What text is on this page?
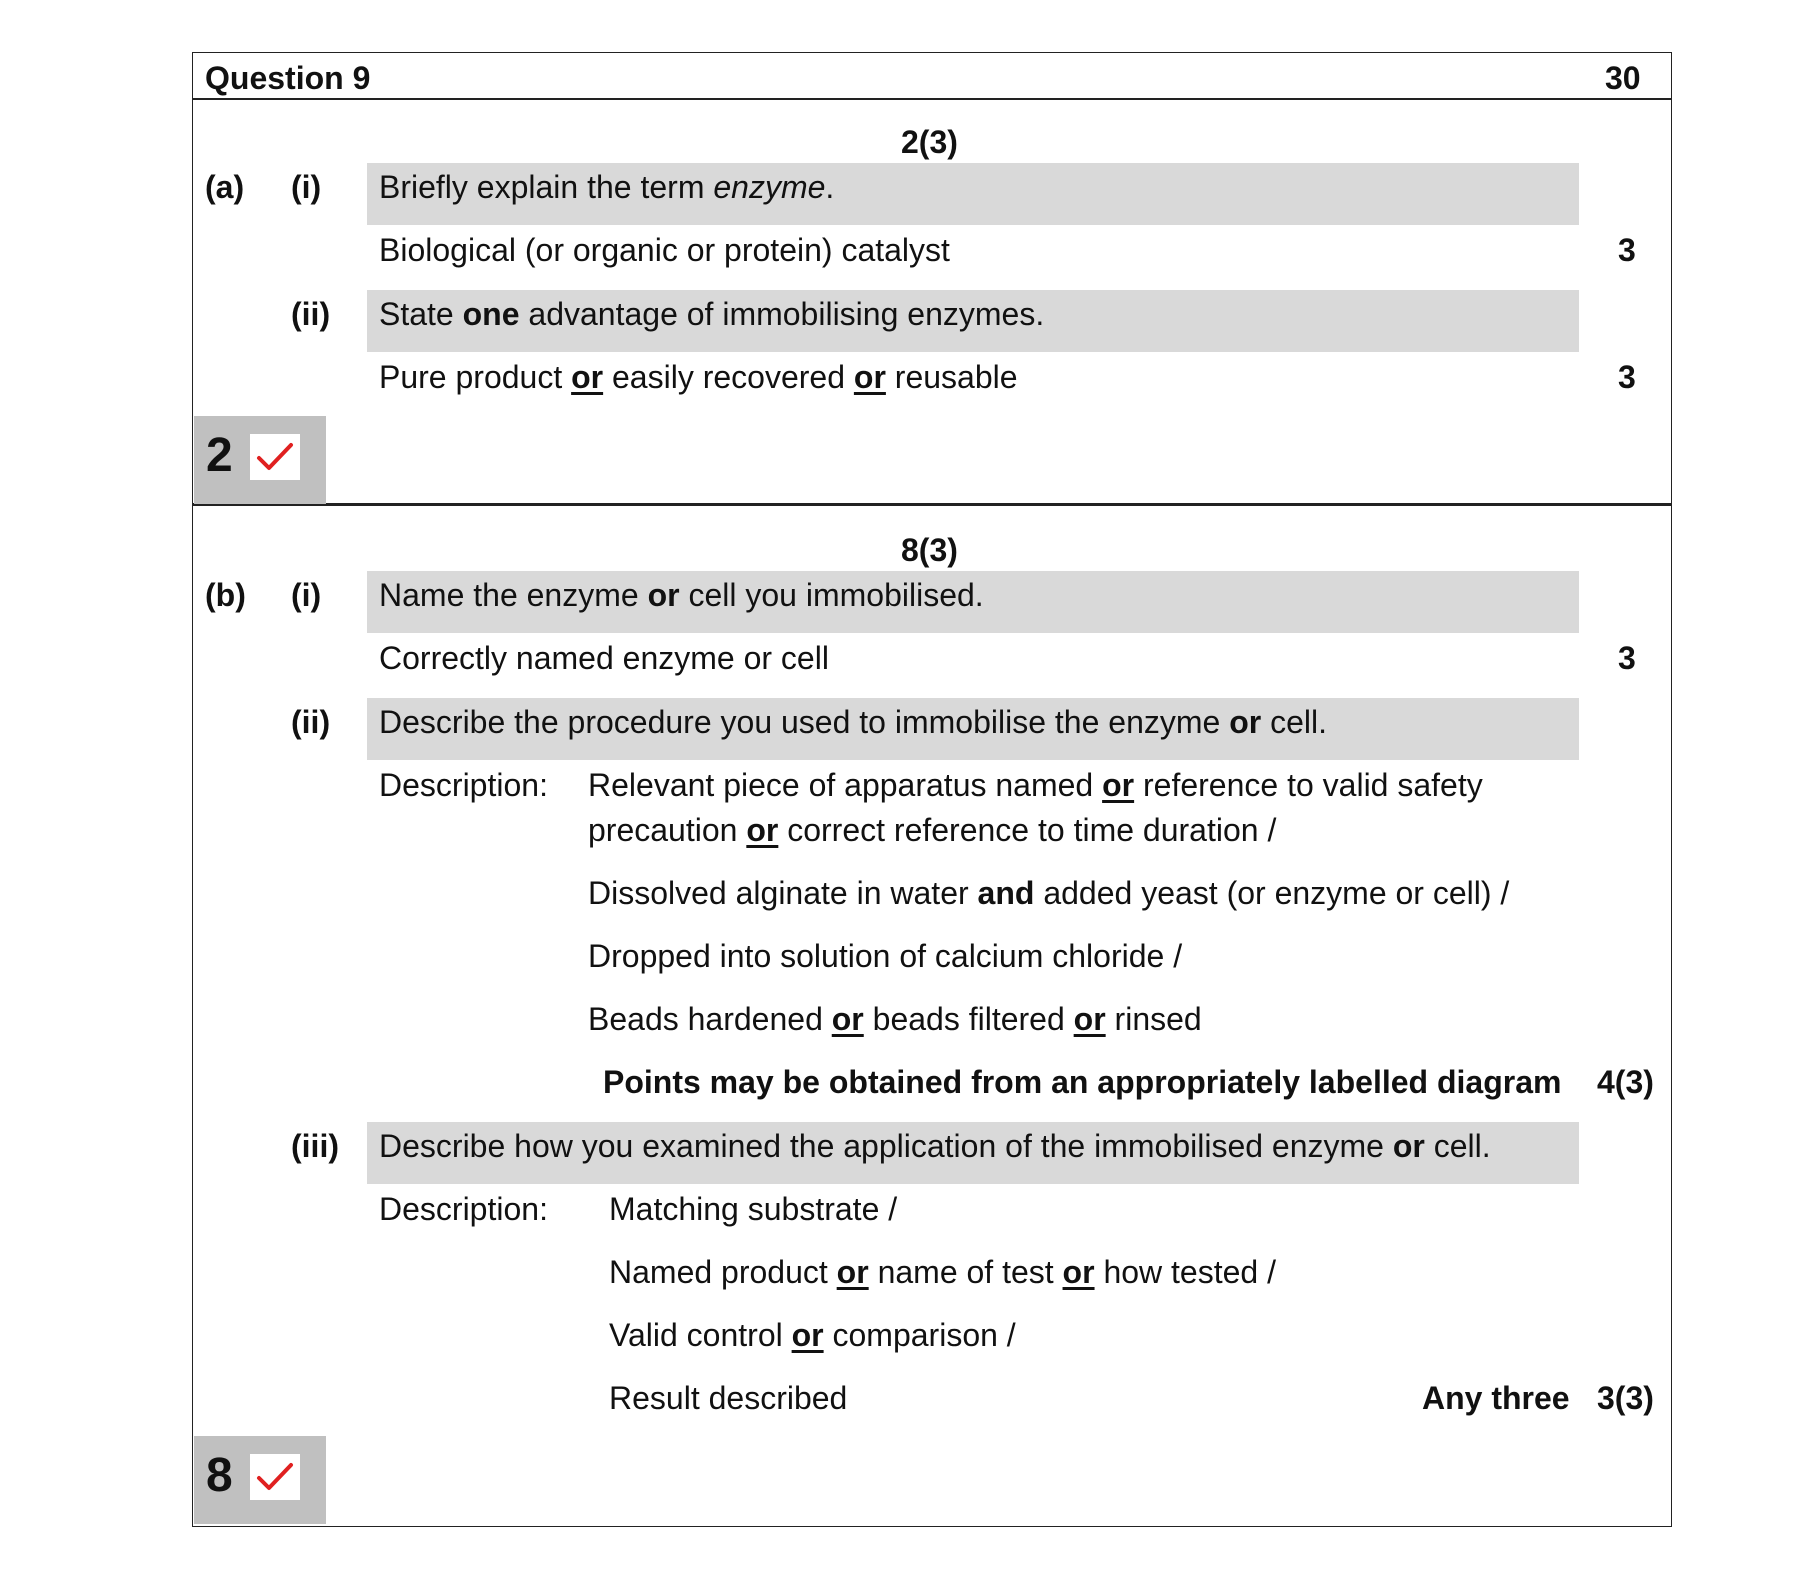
Question 9	30
2(3)
(a) (i) Briefly explain the term enzyme.
Biological (or organic or protein) catalyst	3
(ii) State one advantage of immobilising enzymes.
Pure product or easily recovered or reusable	3
2
8(3)
(b) (i) Name the enzyme or cell you immobilised.
Correctly named enzyme or cell	3
(ii) Describe the procedure you used to immobilise the enzyme or cell.
Description: Relevant piece of apparatus named or reference to valid safety
precaution or correct reference to time duration /
Dissolved alginate in water and added yeast (or enzyme or cell) /
Dropped into solution of calcium chloride /
Beads hardened or beads filtered or rinsed
Points may be obtained from an appropriately labelled diagram 4(3)
(iii) Describe how you examined the application of the immobilised enzyme or cell.
Description: Matching substrate /
Named product or name of test or how tested /
Valid control or comparison /
Result described	Any three 3(3)
8
